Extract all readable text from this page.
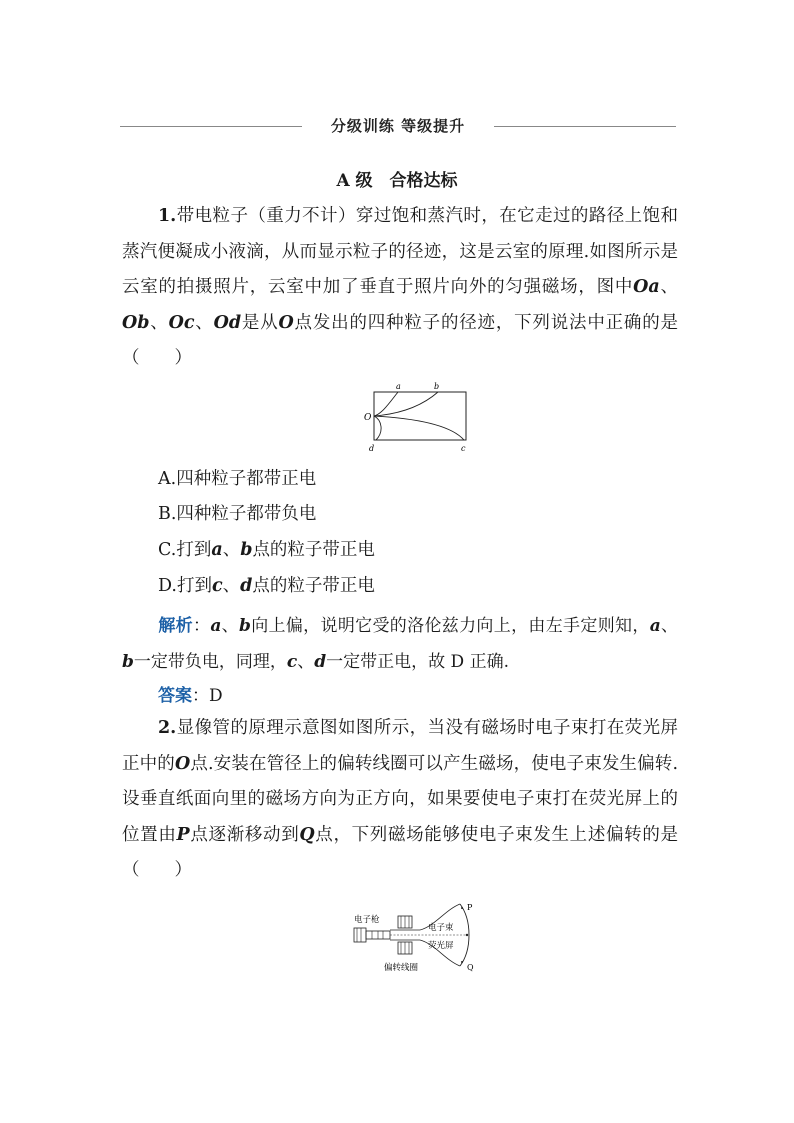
分级训练 等级提升
A 级　合格达标
1.带电粒子（重力不计）穿过饱和蒸汽时，在它走过的路径上饱和蒸汽便凝成小液滴，从而显示粒子的径迹，这是云室的原理.如图所示是云室的拍摄照片，云室中加了垂直于照片向外的匀强磁场，图中Oa、Ob、Oc、Od是从O点发出的四种粒子的径迹，下列说法中正确的是（　　）
O
a	b
d	c
A.四种粒子都带正电
B.四种粒子都带负电
C.打到a、b点的粒子带正电
D.打到c、d点的粒子带正电
解析：a、b向上偏，说明它受的洛伦兹力向上，由左手定则知，a、b一定带负电，同理，c、d一定带正电，故 D 正确.
答案：D
2.显像管的原理示意图如图所示，当没有磁场时电子束打在荧光屏正中的O点.安装在管径上的偏转线圈可以产生磁场，使电子束发生偏转.设垂直纸面向里的磁场方向为正方向，如果要使电子束打在荧光屏上的位置由P点逐渐移动到Q点，下列磁场能够使电子束发生上述偏转的是（　　）
电子枪
电子束
荧光屏
偏转线圈
P
Q
